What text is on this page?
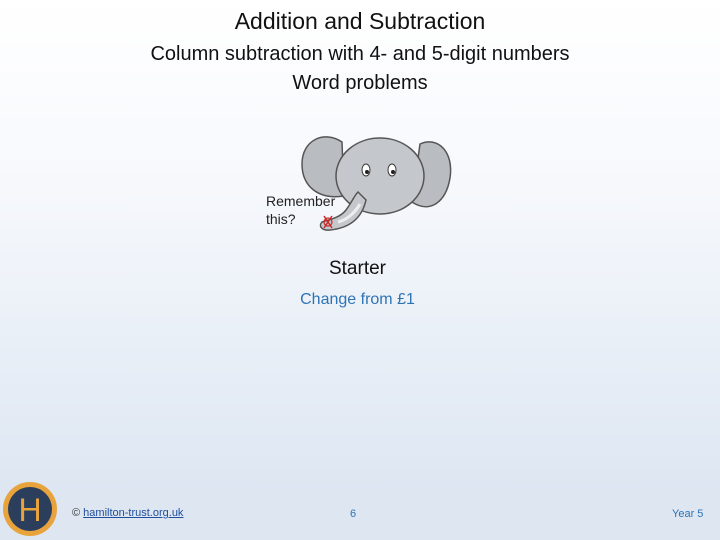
Addition and Subtraction
Column subtraction with 4- and 5-digit numbers
Word problems
Remember
this?
Starter
Change from £1
H	© hamilton-trust.org.uk	6	Year 5
